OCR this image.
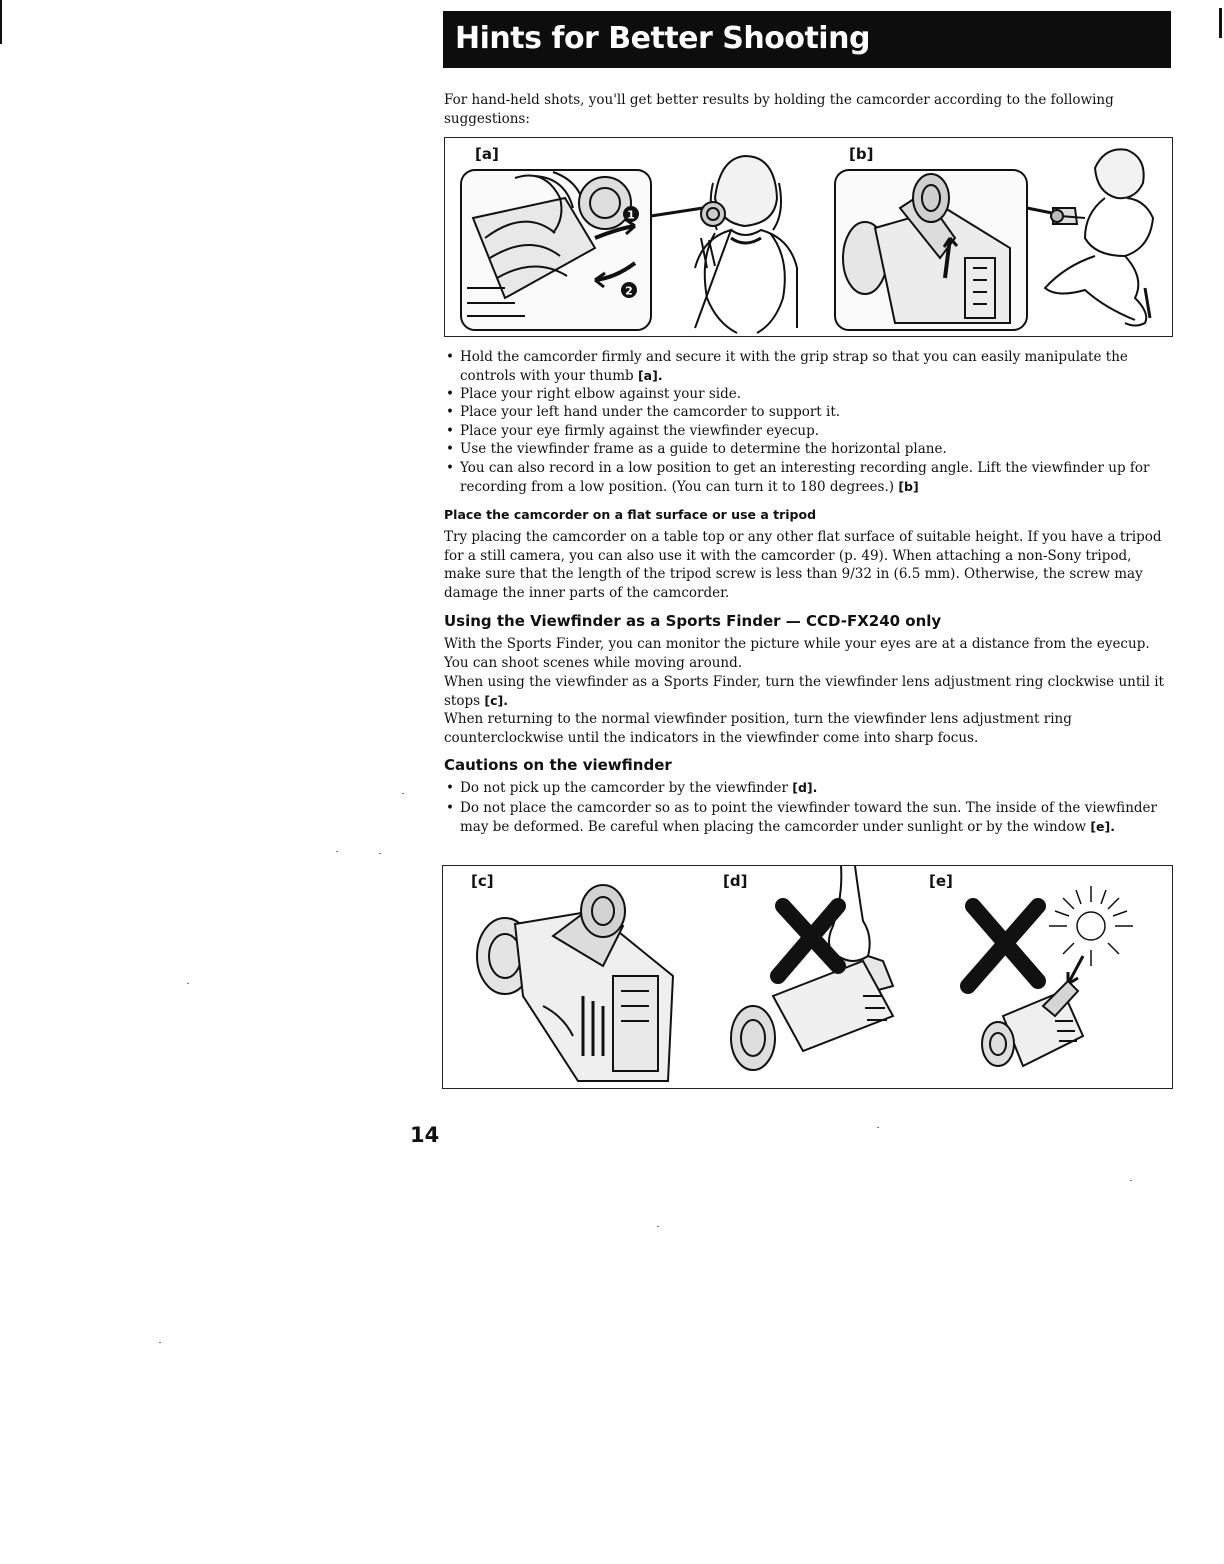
Hints for Better Shooting
For hand-held shots, you'll get better results by holding the camcorder according to the following suggestions:
[a]	[b]
1
2
• Hold the camcorder firmly and secure it with the grip strap so that you can easily manipulate the controls with your thumb [a].
• Place your right elbow against your side.
• Place your left hand under the camcorder to support it.
• Place your eye firmly against the viewfinder eyecup.
• Use the viewfinder frame as a guide to determine the horizontal plane.
• You can also record in a low position to get an interesting recording angle. Lift the viewfinder up for recording from a low position. (You can turn it to 180 degrees.) [b]
Place the camcorder on a flat surface or use a tripod
Try placing the camcorder on a table top or any other flat surface of suitable height. If you have a tripod for a still camera, you can also use it with the camcorder (p. 49). When attaching a non-Sony tripod, make sure that the length of the tripod screw is less than 9/32 in (6.5 mm). Otherwise, the screw may damage the inner parts of the camcorder.
Using the Viewfinder as a Sports Finder — CCD-FX240 only
With the Sports Finder, you can monitor the picture while your eyes are at a distance from the eyecup. You can shoot scenes while moving around.
When using the viewfinder as a Sports Finder, turn the viewfinder lens adjustment ring clockwise until it stops [c].
When returning to the normal viewfinder position, turn the viewfinder lens adjustment ring counterclockwise until the indicators in the viewfinder come into sharp focus.
Cautions on the viewfinder
• Do not pick up the camcorder by the viewfinder [d].
• Do not place the camcorder so as to point the viewfinder toward the sun. The inside of the viewfinder may be deformed. Be careful when placing the camcorder under sunlight or by the window [e].
[c]	[d]	[e]
14
